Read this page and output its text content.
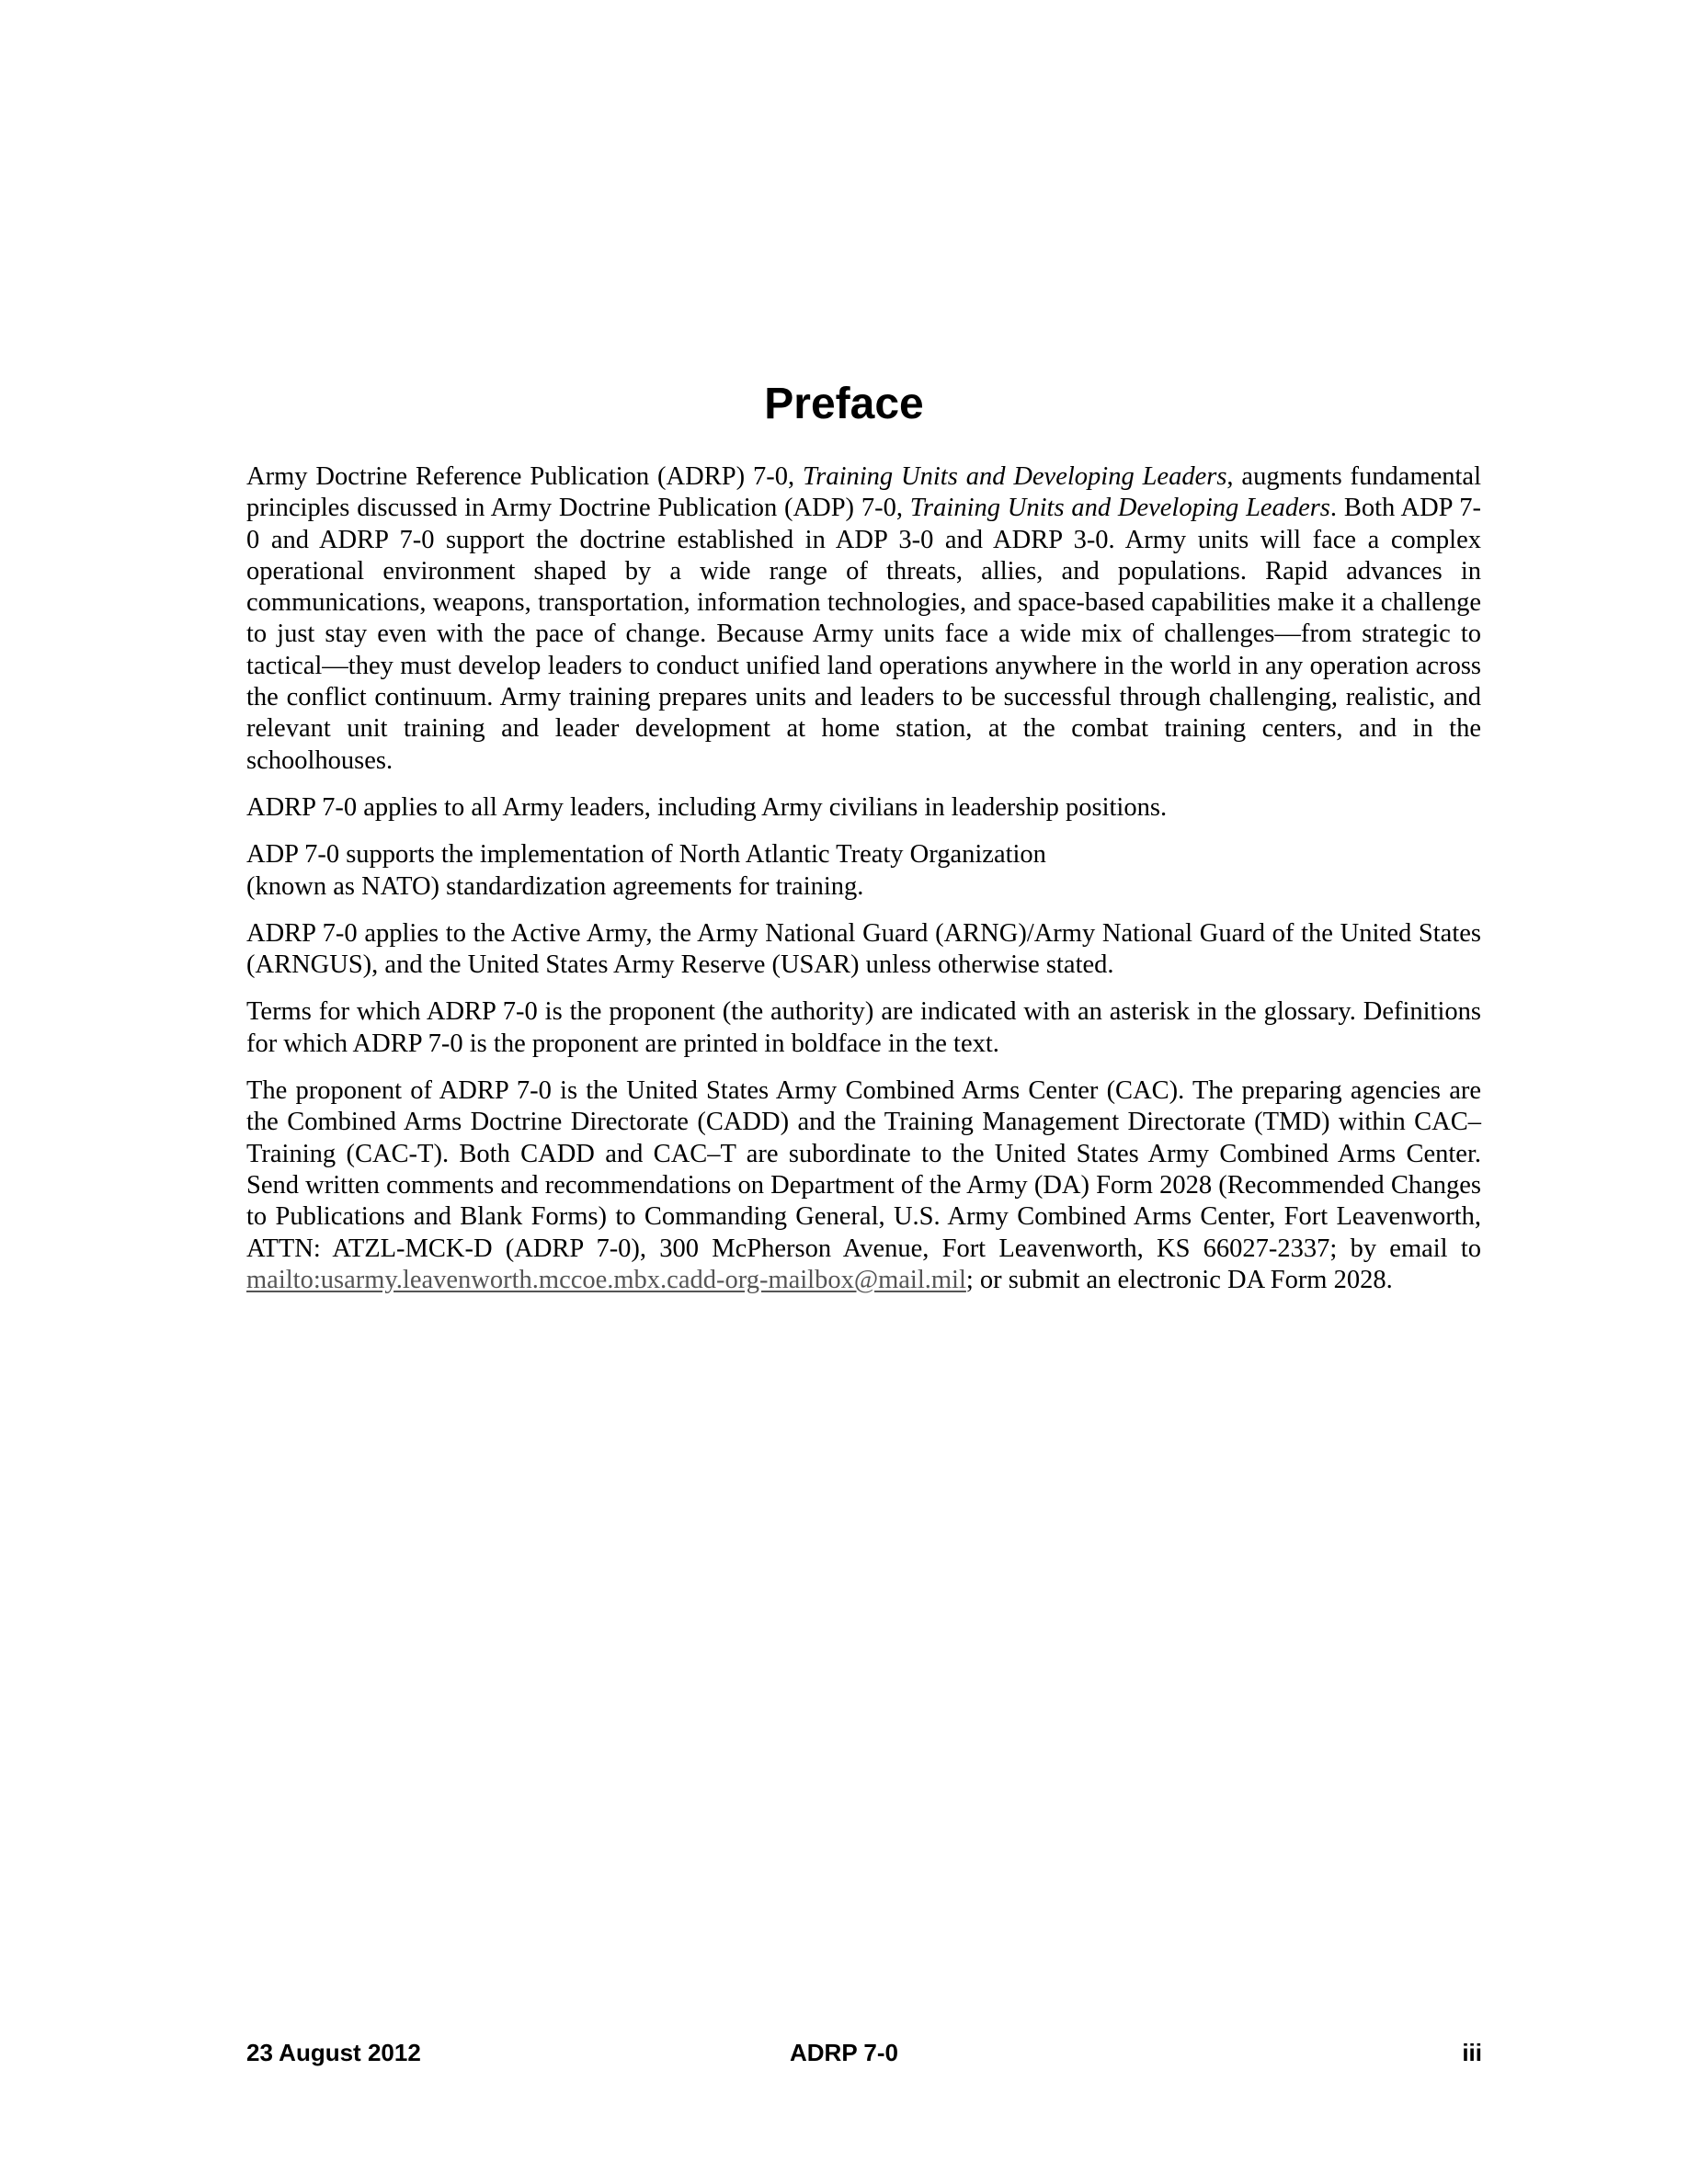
Preface

Army Doctrine Reference Publication (ADRP) 7-0, Training Units and Developing Leaders, augments fundamental principles discussed in Army Doctrine Publication (ADP) 7-0, Training Units and Developing Leaders. Both ADP 7-0 and ADRP 7-0 support the doctrine established in ADP 3-0 and ADRP 3-0. Army units will face a complex operational environment shaped by a wide range of threats, allies, and populations. Rapid advances in communications, weapons, transportation, information technologies, and space-based capabilities make it a challenge to just stay even with the pace of change. Because Army units face a wide mix of challenges—from strategic to tactical—they must develop leaders to conduct unified land operations anywhere in the world in any operation across the conflict continuum. Army training prepares units and leaders to be successful through challenging, realistic, and relevant unit training and leader development at home station, at the combat training centers, and in the schoolhouses.

ADRP 7-0 applies to all Army leaders, including Army civilians in leadership positions.

ADP 7-0 supports the implementation of North Atlantic Treaty Organization
(known as NATO) standardization agreements for training.

ADRP 7-0 applies to the Active Army, the Army National Guard (ARNG)/Army National Guard of the United States (ARNGUS), and the United States Army Reserve (USAR) unless otherwise stated.

Terms for which ADRP 7-0 is the proponent (the authority) are indicated with an asterisk in the glossary. Definitions for which ADRP 7-0 is the proponent are printed in boldface in the text.

The proponent of ADRP 7-0 is the United States Army Combined Arms Center (CAC). The preparing agencies are the Combined Arms Doctrine Directorate (CADD) and the Training Management Directorate (TMD) within CAC–Training (CAC-T). Both CADD and CAC–T are subordinate to the United States Army Combined Arms Center. Send written comments and recommendations on Department of the Army (DA) Form 2028 (Recommended Changes to Publications and Blank Forms) to Commanding General, U.S. Army Combined Arms Center, Fort Leavenworth, ATTN: ATZL-MCK-D (ADRP 7-0), 300 McPherson Avenue, Fort Leavenworth, KS 66027-2337; by email to mailto:usarmy.leavenworth.mccoe.mbx.cadd-org-mailbox@mail.mil; or submit an electronic DA Form 2028.

23 August 2012	ADRP 7-0	iii
